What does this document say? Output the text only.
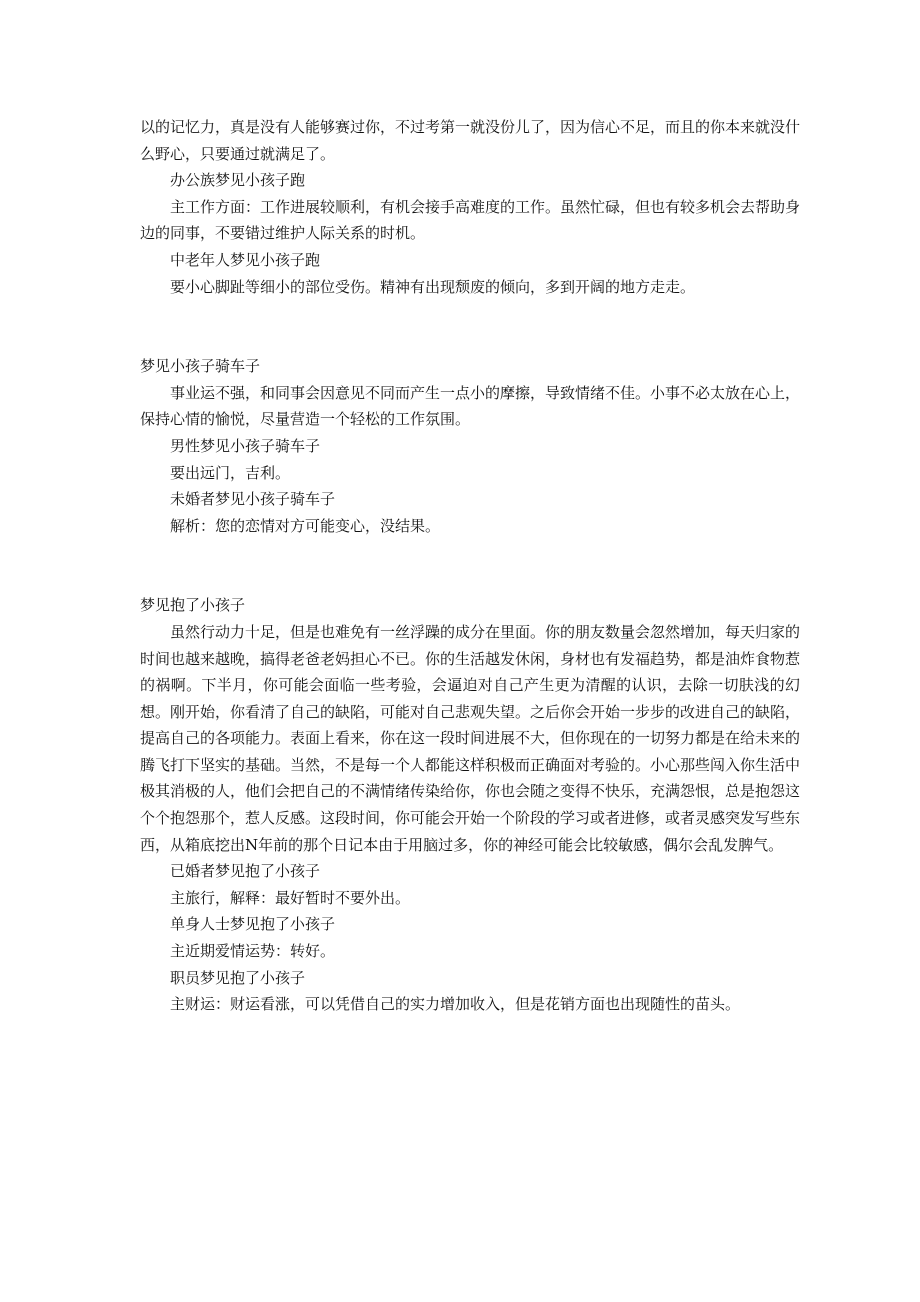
以的记忆力，真是没有人能够赛过你，不过考第一就没份儿了，因为信心不足，而且的你本来就没什么野心，只要通过就满足了。

办公族梦见小孩子跑

主工作方面：工作进展较顺利，有机会接手高难度的工作。虽然忙碌，但也有较多机会去帮助身边的同事，不要错过维护人际关系的时机。

中老年人梦见小孩子跑

要小心脚趾等细小的部位受伤。精神有出现颓废的倾向，多到开阔的地方走走。

梦见小孩子骑车子

事业运不强，和同事会因意见不同而产生一点小的摩擦，导致情绪不佳。小事不必太放在心上，保持心情的愉悦，尽量营造一个轻松的工作氛围。

男性梦见小孩子骑车子

要出远门，吉利。

未婚者梦见小孩子骑车子

解析：您的恋情对方可能变心，没结果。

梦见抱了小孩子

虽然行动力十足，但是也难免有一丝浮躁的成分在里面。你的朋友数量会忽然增加，每天归家的时间也越来越晚，搞得老爸老妈担心不已。你的生活越发休闲，身材也有发福趋势，都是油炸食物惹的祸啊。下半月，你可能会面临一些考验，会逼迫对自己产生更为清醒的认识，去除一切肤浅的幻想。刚开始，你看清了自己的缺陷，可能对自己悲观失望。之后你会开始一步步的改进自己的缺陷，提高自己的各项能力。表面上看来，你在这一段时间进展不大，但你现在的一切努力都是在给未来的腾飞打下坚实的基础。当然，不是每一个人都能这样积极而正确面对考验的。小心那些闯入你生活中极其消极的人，他们会把自己的不满情绪传染给你，你也会随之变得不快乐，充满怨恨，总是抱怨这个个抱怨那个，惹人反感。这段时间，你可能会开始一个阶段的学习或者进修，或者灵感突发写些东西，从箱底挖出N年前的那个日记本由于用脑过多，你的神经可能会比较敏感，偶尔会乱发脾气。

已婚者梦见抱了小孩子

主旅行，解释：最好暂时不要外出。

单身人士梦见抱了小孩子

主近期爱情运势：转好。

职员梦见抱了小孩子

主财运：财运看涨，可以凭借自己的实力增加收入，但是花销方面也出现随性的苗头。
